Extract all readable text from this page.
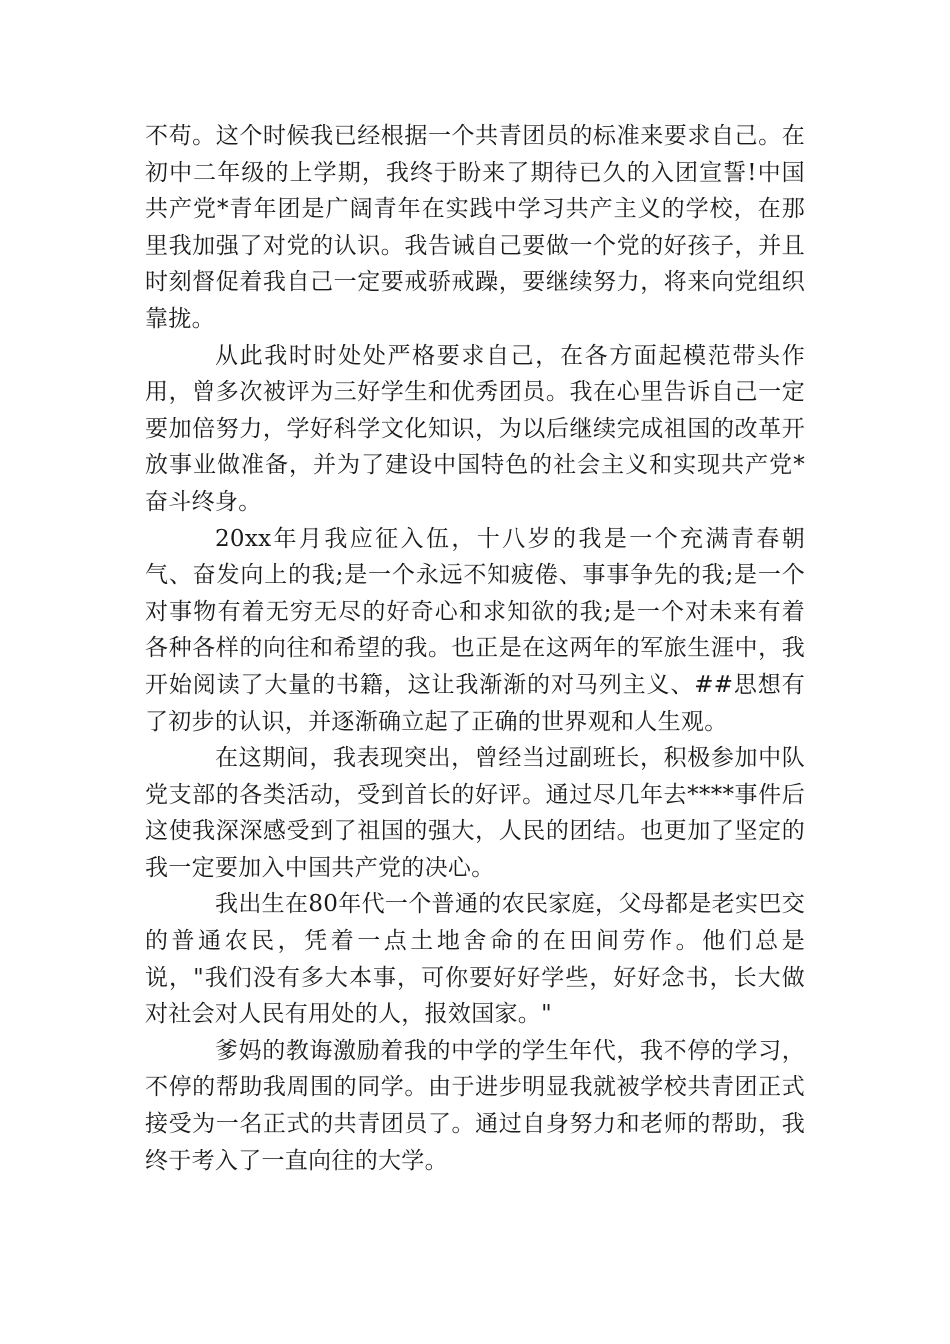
不苟。这个时候我已经根据一个共青团员的标准来要求自己。在初中二年级的上学期，我终于盼来了期待已久的入团宣誓!中国共产党*青年团是广阔青年在实践中学习共产主义的学校，在那里我加强了对党的认识。我告诫自己要做一个党的好孩子，并且时刻督促着我自己一定要戒骄戒躁，要继续努力，将来向党组织靠拢。

从此我时时处处严格要求自己，在各方面起模范带头作用，曾多次被评为三好学生和优秀团员。我在心里告诉自己一定要加倍努力，学好科学文化知识，为以后继续完成祖国的改革开放事业做准备，并为了建设中国特色的社会主义和实现共产党*奋斗终身。

20xx年月我应征入伍，十八岁的我是一个充满青春朝气、奋发向上的我;是一个永远不知疲倦、事事争先的我;是一个对事物有着无穷无尽的好奇心和求知欲的我;是一个对未来有着各种各样的向往和希望的我。也正是在这两年的军旅生涯中，我开始阅读了大量的书籍，这让我渐渐的对马列主义、##思想有了初步的认识，并逐渐确立起了正确的世界观和人生观。

在这期间，我表现突出，曾经当过副班长，积极参加中队党支部的各类活动，受到首长的好评。通过尽几年去****事件后这使我深深感受到了祖国的强大，人民的团结。也更加了坚定的我一定要加入中国共产党的决心。

我出生在80年代一个普通的农民家庭，父母都是老实巴交的普通农民，凭着一点土地舍命的在田间劳作。他们总是说，"我们没有多大本事，可你要好好学些，好好念书，长大做对社会对人民有用处的人，报效国家。"

爹妈的教诲激励着我的中学的学生年代，我不停的学习，不停的帮助我周围的同学。由于进步明显我就被学校共青团正式接受为一名正式的共青团员了。通过自身努力和老师的帮助，我终于考入了一直向往的大学。
